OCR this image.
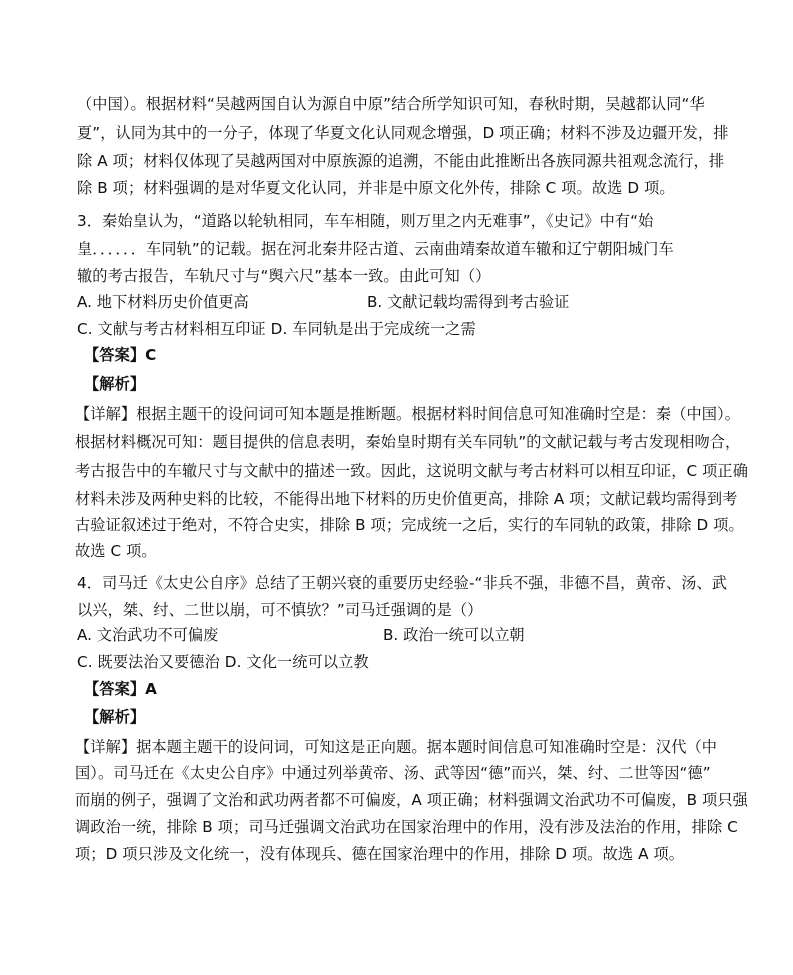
（中国）。根据材料“吴越两国自认为源自中原”结合所学知识可知，春秋时期，吴越都认同“华
夏”，认同为其中的一分子，体现了华夏文化认同观念增强，D 项正确；材料不涉及边疆开发，排
除 A 项；材料仅体现了吴越两国对中原族源的追溯，不能由此推断出各族同源共祖观念流行，排
除 B 项；材料强调的是对华夏文化认同，并非是中原文化外传，排除 C 项。故选 D 项。
3．秦始皇认为，“道路以轮轨相同，车车相随，则万里之内无难事”，《史记》中有“始
皇．．．．．．车同轨”的记载。据在河北秦井陉古道、云南曲靖秦故道车辙和辽宁朝阳城门车
辙的考古报告，车轨尺寸与“舆六尺”基本一致。由此可知（）
A. 地下材料历史价值更高	B. 文献记载均需得到考古验证
C. 文献与考古材料相互印证 D. 车同轨是出于完成统一之需
【答案】C
【解析】
【详解】根据主题干的设问词可知本题是推断题。根据材料时间信息可知准确时空是：秦（中国）。
根据材料概况可知：题目提供的信息表明，秦始皇时期有关车同轨”的文献记载与考古发现相吻合，
考古报告中的车辙尺寸与文献中的描述一致。因此，这说明文献与考古材料可以相互印证，C 项正确
材料未涉及两种史料的比较，不能得出地下材料的历史价值更高，排除 A 项；文献记载均需得到考
古验证叙述过于绝对，不符合史实，排除 B 项；完成统一之后，实行的车同轨的政策，排除 D 项。
故选 C 项。
4．司马迁《太史公自序》总结了王朝兴衰的重要历史经验-“非兵不强，非德不昌，黄帝、汤、武
以兴，桀、纣、二世以崩，可不慎欤？”司马迁强调的是（）
A. 文治武功不可偏废	B. 政治一统可以立朝
C. 既要法治又要德治 D. 文化一统可以立教
【答案】A
【解析】
【详解】据本题主题干的设问词，可知这是正向题。据本题时间信息可知准确时空是：汉代（中
国）。司马迁在《太史公自序》中通过列举黄帝、汤、武等因“德”而兴，桀、纣、二世等因“德”
而崩的例子，强调了文治和武功两者都不可偏废，A 项正确；材料强调文治武功不可偏废，B 项只强
调政治一统，排除 B 项；司马迁强调文治武功在国家治理中的作用，没有涉及法治的作用，排除 C
项；D 项只涉及文化统一，没有体现兵、德在国家治理中的作用，排除 D 项。故选 A 项。
